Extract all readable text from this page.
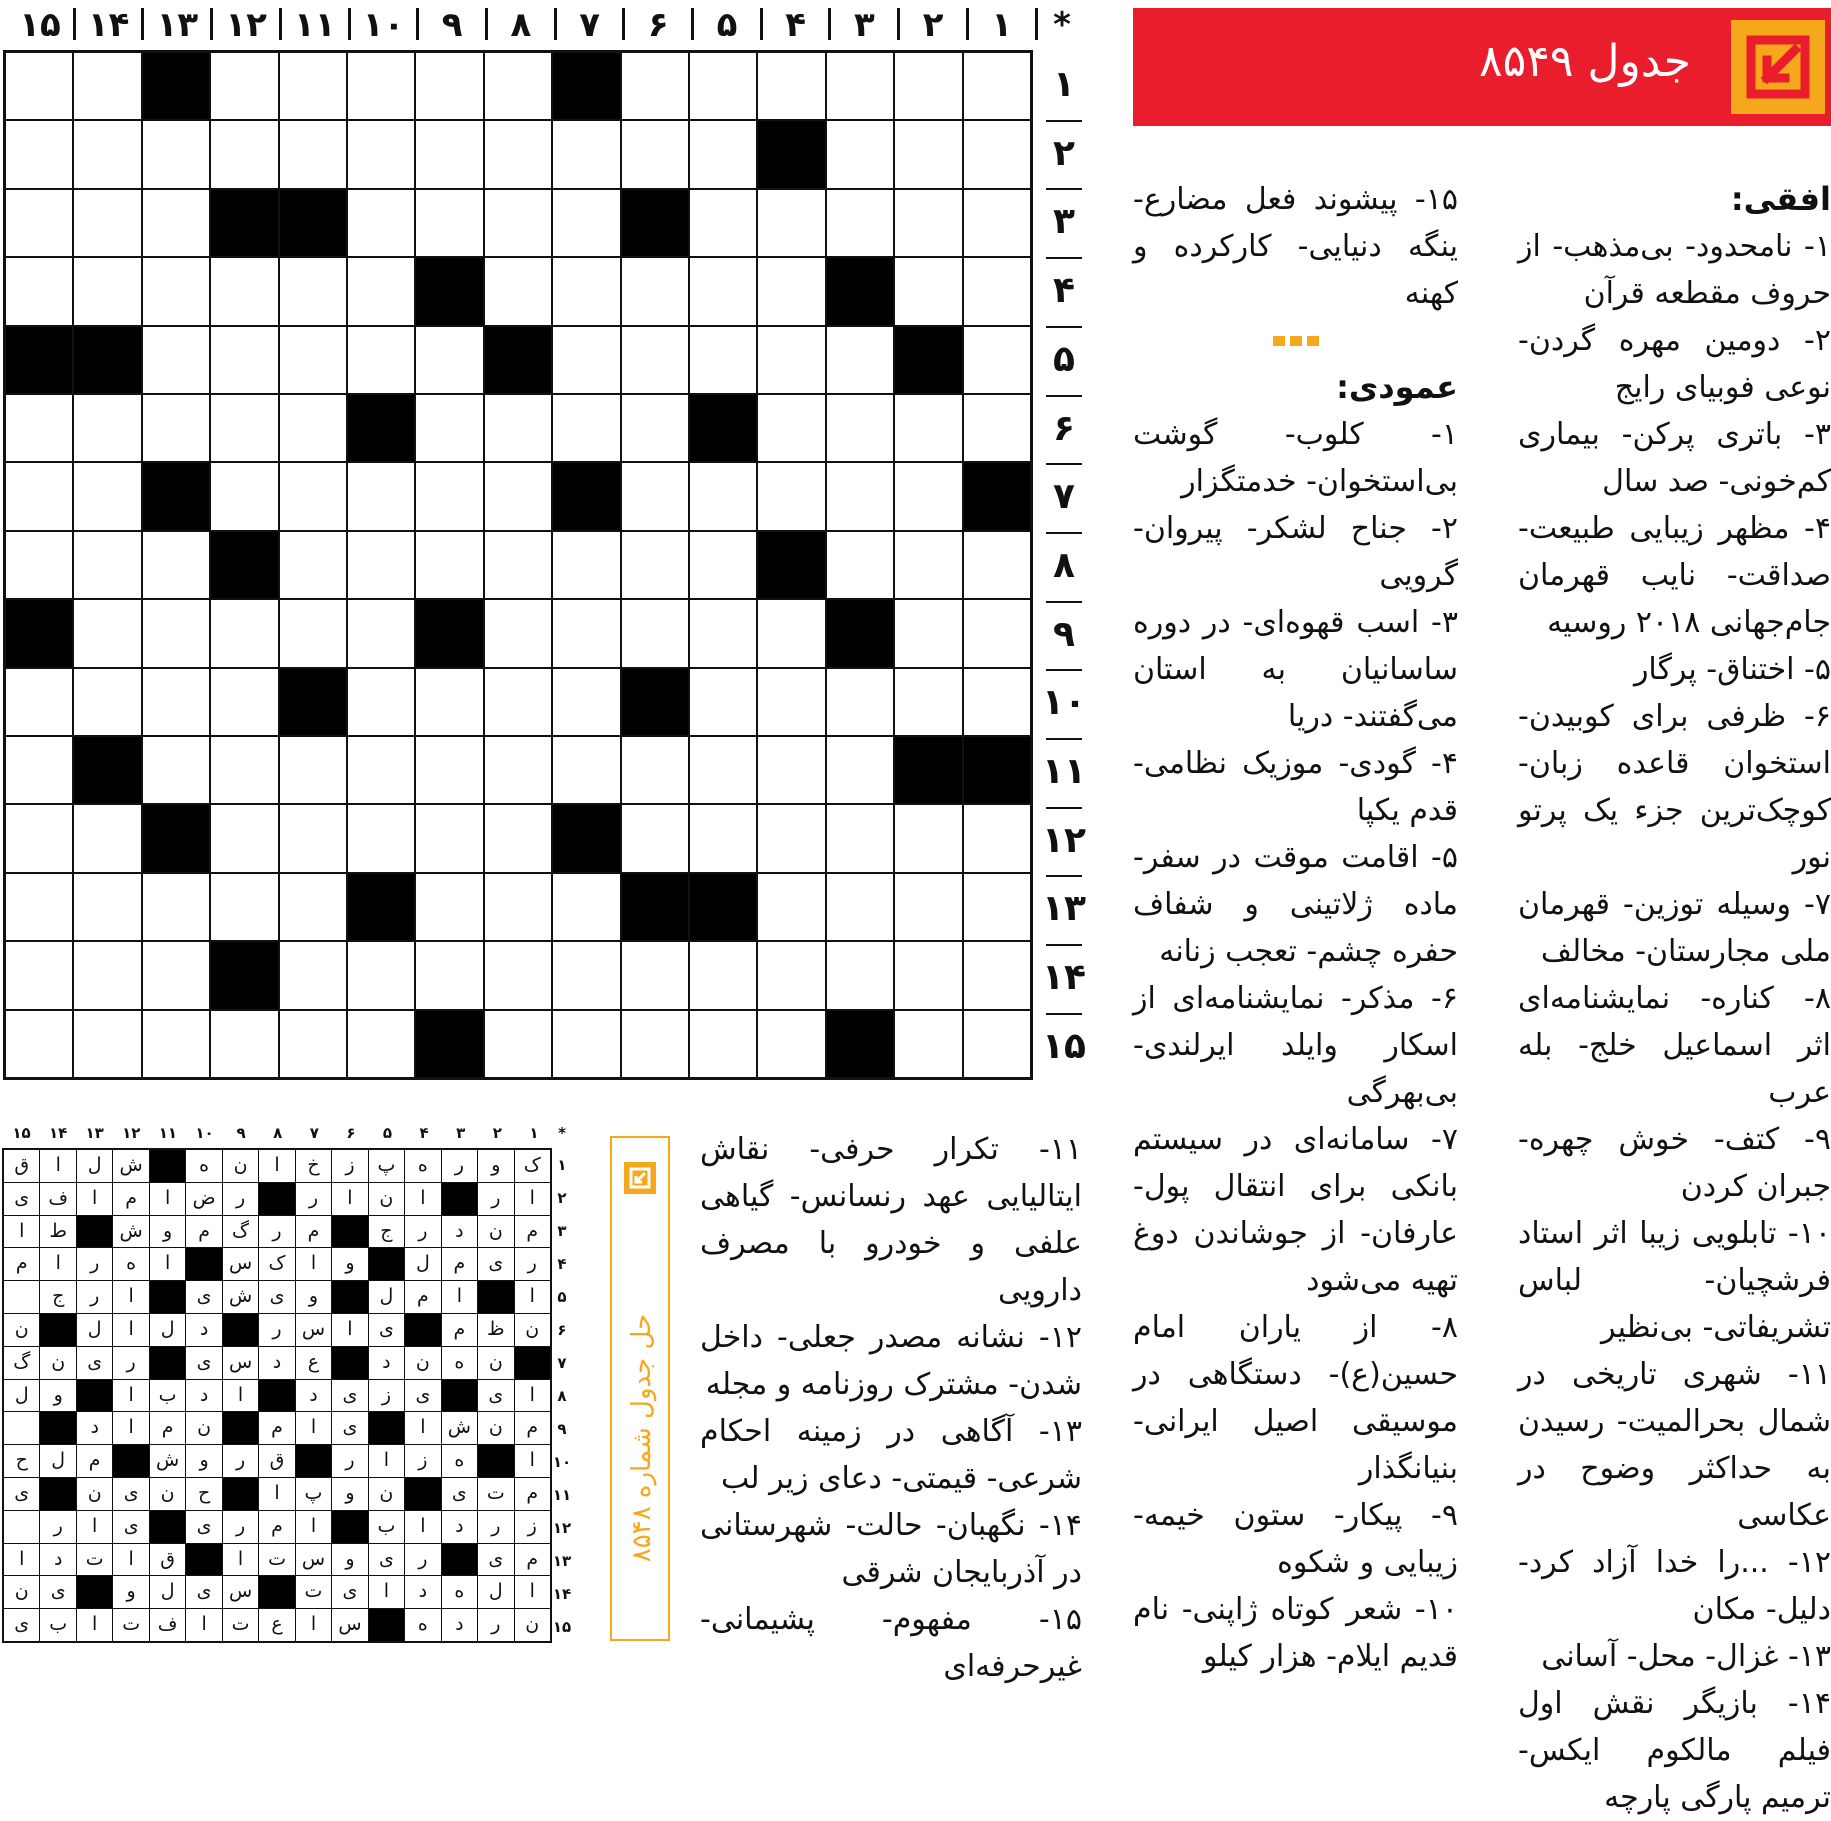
*
۱
۲
۳
۴
۵
۶
۷
۸
۹
۱۰
۱۱
۱۲
۱۳
۱۴
۱۵
۱
۲
۳
۴
۵
۶
۷
۸
۹
۱۰
۱۱
۱۲
۱۳
۱۴
۱۵
جدول ۸۵۴۹
افقی:

۱- نامحدود- بی‌مذهب- از حروف مقطعه قرآن

۲- دومین مهره گردن- نوعی فوبیای رایج

۳- باتری پرکن- بیماری کم‌خونی- صد سال

۴- مظهر زیبایی طبیعت- صداقت- نایب قهرمان جام‌جهانی ۲۰۱۸ روسیه

۵- اختناق- پرگار

۶- ظرفی برای کوبیدن- استخوان قاعده زبان- کوچک‌ترین جزء یک پرتو نور

۷- وسیله توزین- قهرمان ملی مجارستان- مخالف

۸- کناره- نمایشنامه‌ای اثر اسماعیل خلج- بله عرب

۹- کتف- خوش چهره- جبران کردن

۱۰- تابلویی زیبا اثر استاد فرشچیان- لباس تشریفاتی- بی‌نظیر

۱۱- شهری تاریخی در شمال بحرالمیت- رسیدن به حداکثر وضوح در عکاسی

۱۲- ...را خدا آزاد کرد- دلیل- مکان

۱۳- غزال- محل- آسانی

۱۴- بازیگر نقش اول فیلم مالکوم ایکس- ترمیم پارگی پارچه

۱۵- پیشوند فعل مضارع- ینگه دنیایی- کارکرده و کهنه

عمودی:

۱- کلوب- گوشت بی‌استخوان- خدمتگزار

۲- جناح لشکر- پیروان- گرویی

۳- اسب قهوه‌ای- در دوره ساسانیان به استان می‌گفتند- دریا

۴- گودی- موزیک نظامی- قدم یکپا

۵- اقامت موقت در سفر- ماده ژلاتینی و شفاف حفره چشم- تعجب زنانه

۶- مذکر- نمایشنامه‌ای از اسکار وایلد ایرلندی- بی‌بهرگی

۷- سامانه‌ای در سیستم بانکی برای انتقال پول- عارفان- از جوشاندن دوغ تهیه می‌شود

۸- از یاران امام حسین(ع)- دستگاهی در موسیقی اصیل ایرانی- بنیانگذار

۹- پیکار- ستون خیمه- زیبایی و شکوه

۱۰- شعر کوتاه ژاپنی- نام قدیم ایلام- هزار کیلو

۱۱- تکرار حرفی- نقاش ایتالیایی عهد رنسانس- گیاهی علفی و خودرو با مصرف دارویی

۱۲- نشانه مصدر جعلی- داخل شدن- مشترک روزنامه و مجله

۱۳- آگاهی در زمینه احکام شرعی- قیمتی- دعای زیر لب

۱۴- نگهبان- حالت- شهرستانی در آذربایجان شرقی

۱۵- مفهوم- پشیمانی- غیرحرفه‌ای

حل جدول شماره ۸۵۴۸
*
۱
۲
۳
۴
۵
۶
۷
۸
۹
۱۰
۱۱
۱۲
۱۳
۱۴
۱۵
۱
۲
۳
۴
۵
۶
۷
۸
۹
۱۰
۱۱
۱۲
۱۳
۱۴
۱۵
ک
و
ر
ه
پ
ز
خ
ا
ن
ه
ش
ل
ا
ق
ا
ر
ا
ن
ا
ر
ر
ض
ا
م
ا
ف
ی
م
ن
د
ر
ج
م
ر
گ
م
و
ش
ط
ا
ر
ی
م
ل
و
ا
ک
س
ا
ه
ر
ا
م
ا
ا
م
ل
و
ی
ش
ی
ا
ر
ج
ن
ظ
م
ی
ا
س
ر
د
ل
ا
ل
ن
ن
ه
ن
د
ع
د
س
ی
ر
ی
ن
گ
ا
ی
ی
ز
ی
د
ا
د
ب
ا
و
ل
م
ن
ش
ا
ی
ا
م
ن
م
ا
د
ا
ه
ز
ا
ر
ق
ر
و
ش
م
ل
ح
م
ت
ی
ن
و
پ
ا
ح
ن
ی
ن
ی
ز
ر
د
ا
ب
ا
م
ر
ی
ی
ا
ر
م
ی
ر
ی
و
س
ت
ا
ق
ا
ت
د
ا
ا
ل
ه
د
ا
ی
ت
س
ی
ل
و
ی
ن
ن
ر
د
ه
س
ا
ع
ت
ا
ف
ت
ا
ب
ی
